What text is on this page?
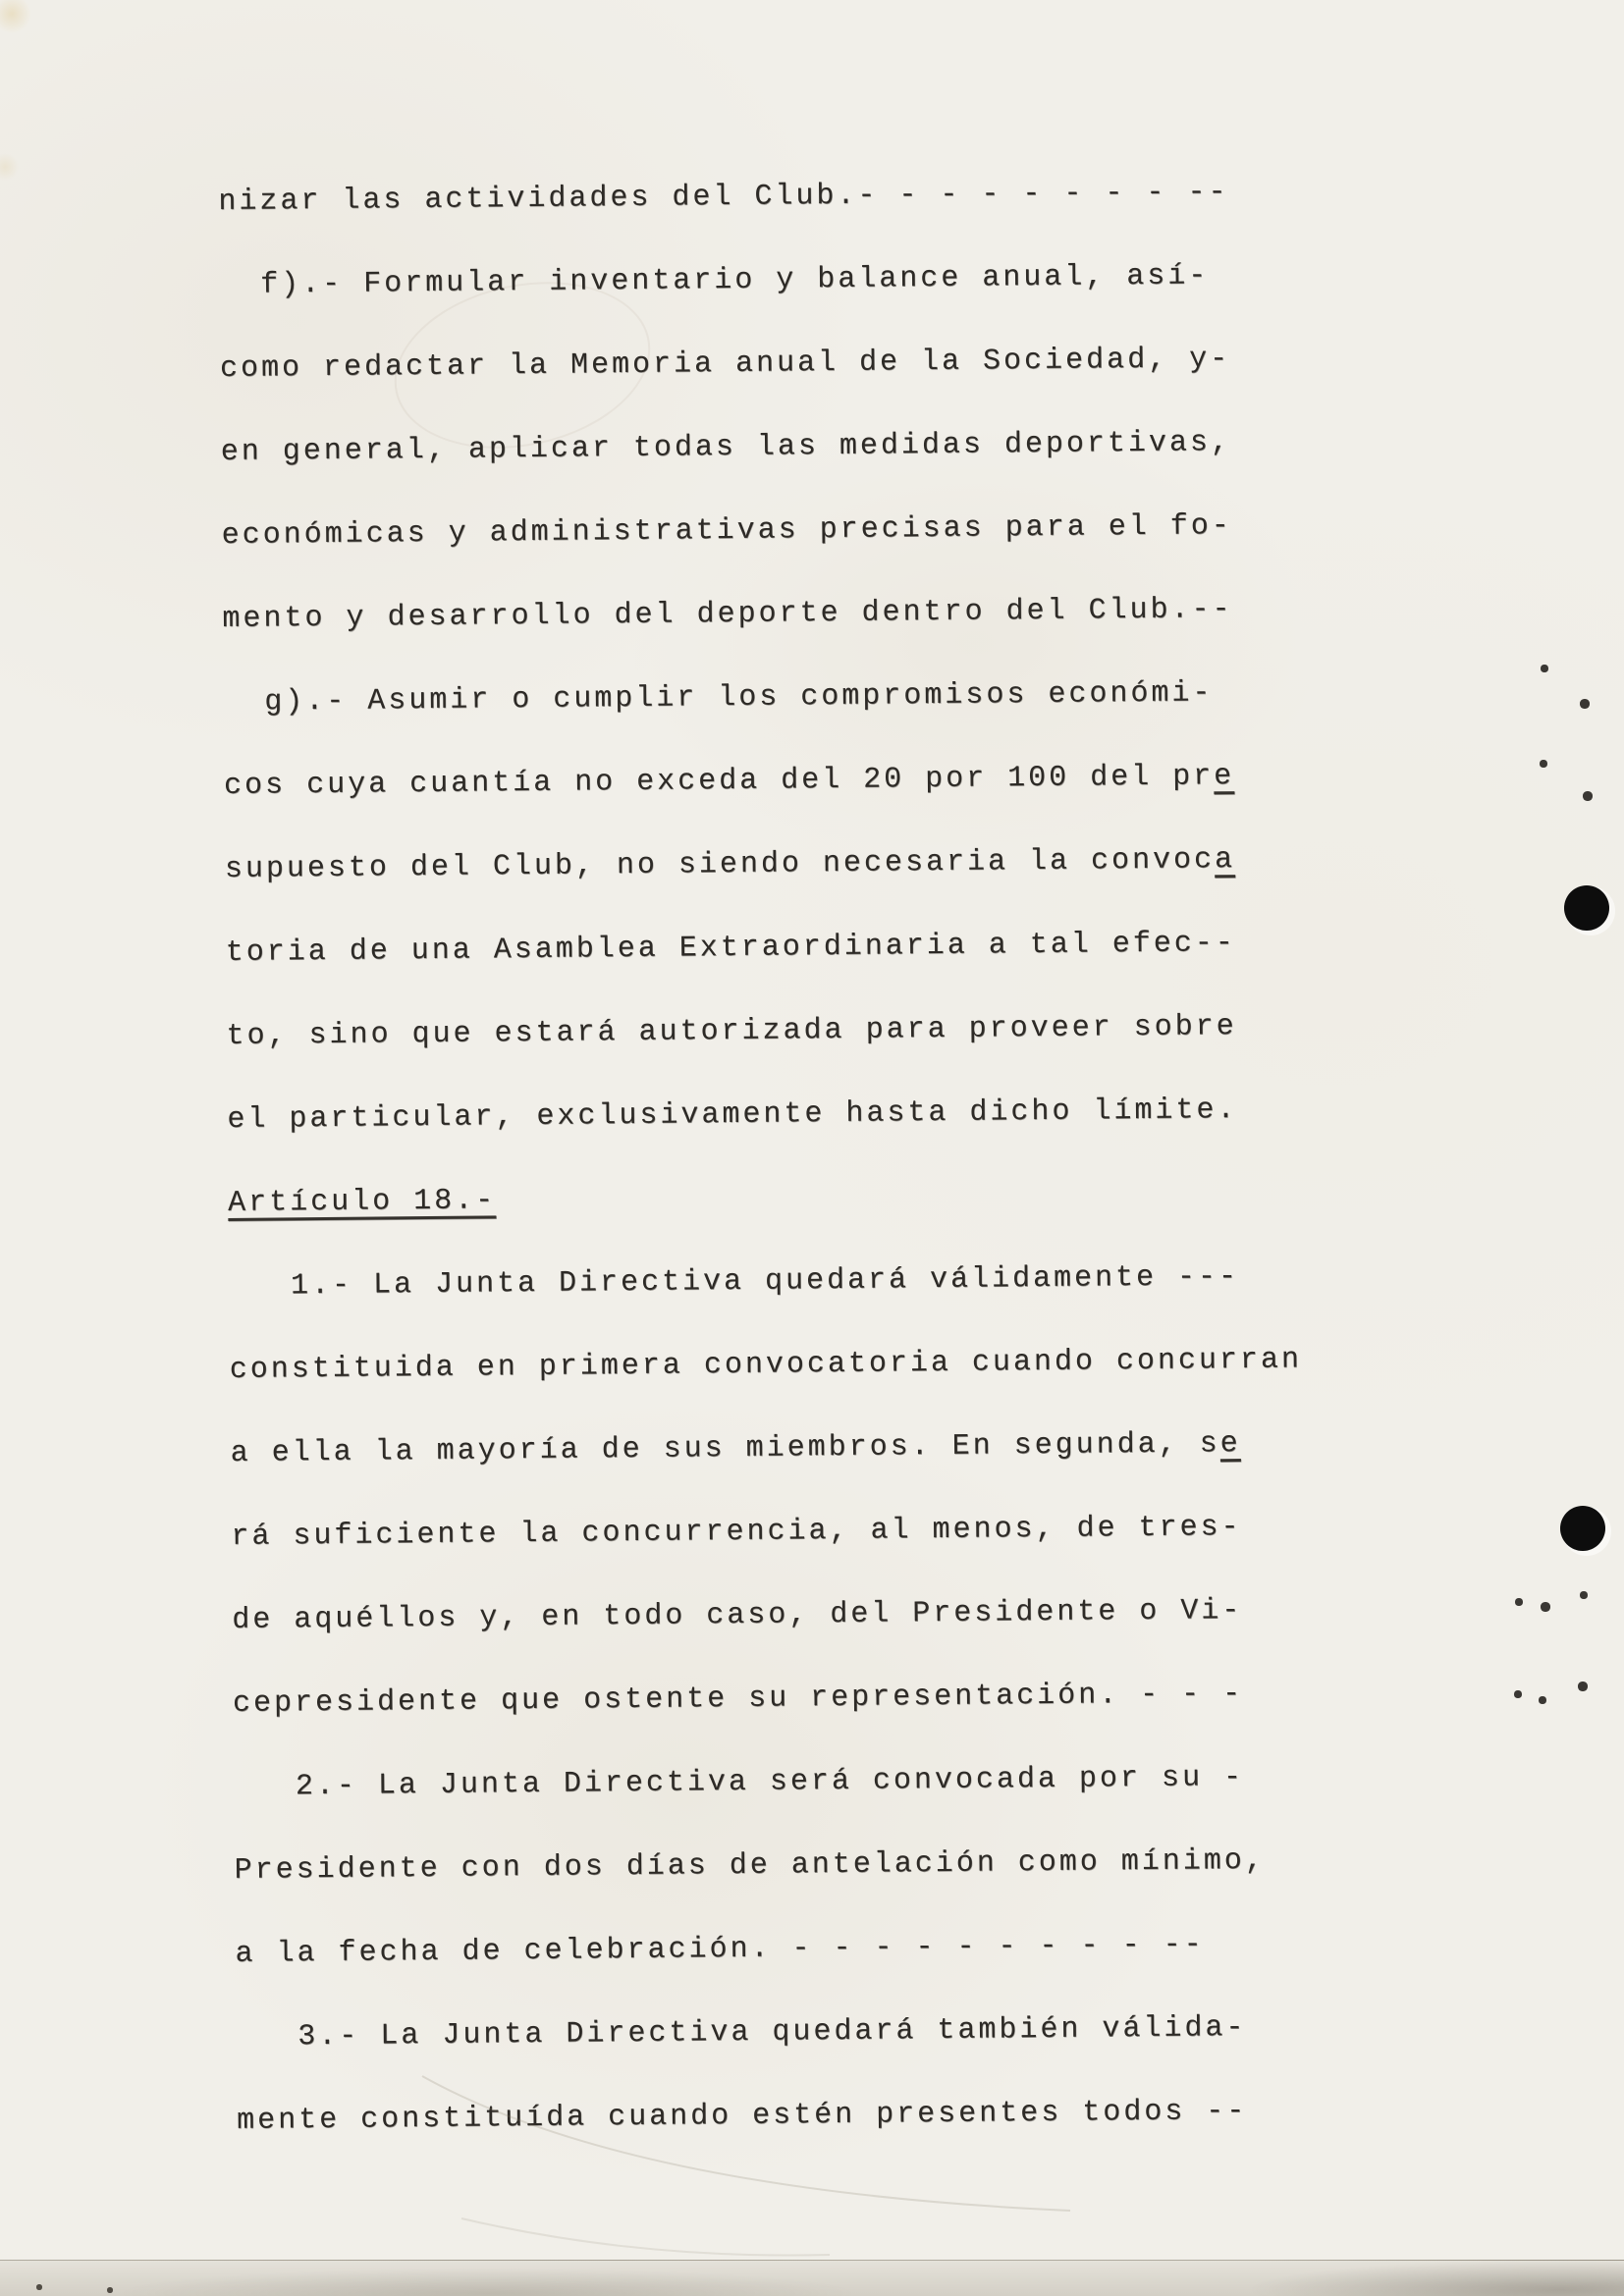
nizar las actividades del Club.- - - - - - - - --
f).- Formular inventario y balance anual, así-
como redactar la Memoria anual de la Sociedad, y-
en general, aplicar todas las medidas deportivas,
económicas y administrativas precisas para el fo-
mento y desarrollo del deporte dentro del Club.--
g).- Asumir o cumplir los compromisos económi-
cos cuya cuantía no exceda del 20 por 100 del pre
supuesto del Club, no siendo necesaria la convoca
toria de una Asamblea Extraordinaria a tal efec--
to, sino que estará autorizada para proveer sobre
el particular, exclusivamente hasta dicho límite.
Artículo 18.-
1.- La Junta Directiva quedará válidamente ---
constituida en primera convocatoria cuando concurran
a ella la mayoría de sus miembros. En segunda, se
rá suficiente la concurrencia, al menos, de tres-
de aquéllos y, en todo caso, del Presidente o Vi-
cepresidente que ostente su representación. - - -
2.- La Junta Directiva será convocada por su -
Presidente con dos días de antelación como mínimo,
a la fecha de celebración. - - - - - - - - - --
3.- La Junta Directiva quedará también válida-
mente constituída cuando estén presentes todos --
